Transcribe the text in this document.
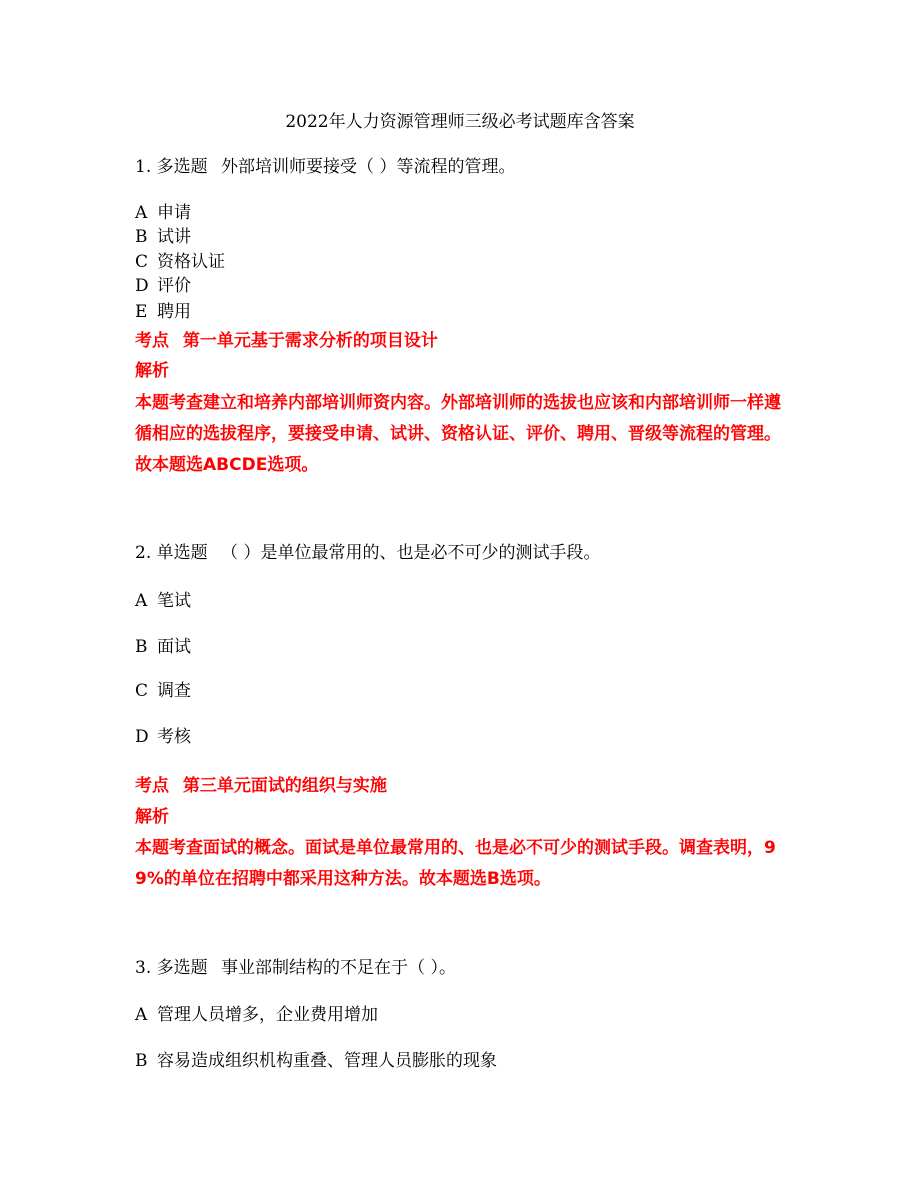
2022年人力资源管理师三级必考试题库含答案
1. 多选题 外部培训师要接受（ ）等流程的管理。
A 申请
B 试讲
C 资格认证
D 评价
E 聘用
考点 第一单元基于需求分析的项目设计
解析
本题考查建立和培养内部培训师资内容。外部培训师的选拔也应该和内部培训师一样遵循相应的选拔程序，要接受申请、试讲、资格认证、评价、聘用、晋级等流程的管理。故本题选ABCDE选项。
2. 单选题 （ ）是单位最常用的、也是必不可少的测试手段。
A 笔试
B 面试
C 调查
D 考核
考点 第三单元面试的组织与实施
解析
本题考查面试的概念。面试是单位最常用的、也是必不可少的测试手段。调查表明，99%的单位在招聘中都采用这种方法。故本题选B选项。
3. 多选题 事业部制结构的不足在于（ ）。
A 管理人员增多，企业费用增加
B 容易造成组织机构重叠、管理人员膨胀的现象
